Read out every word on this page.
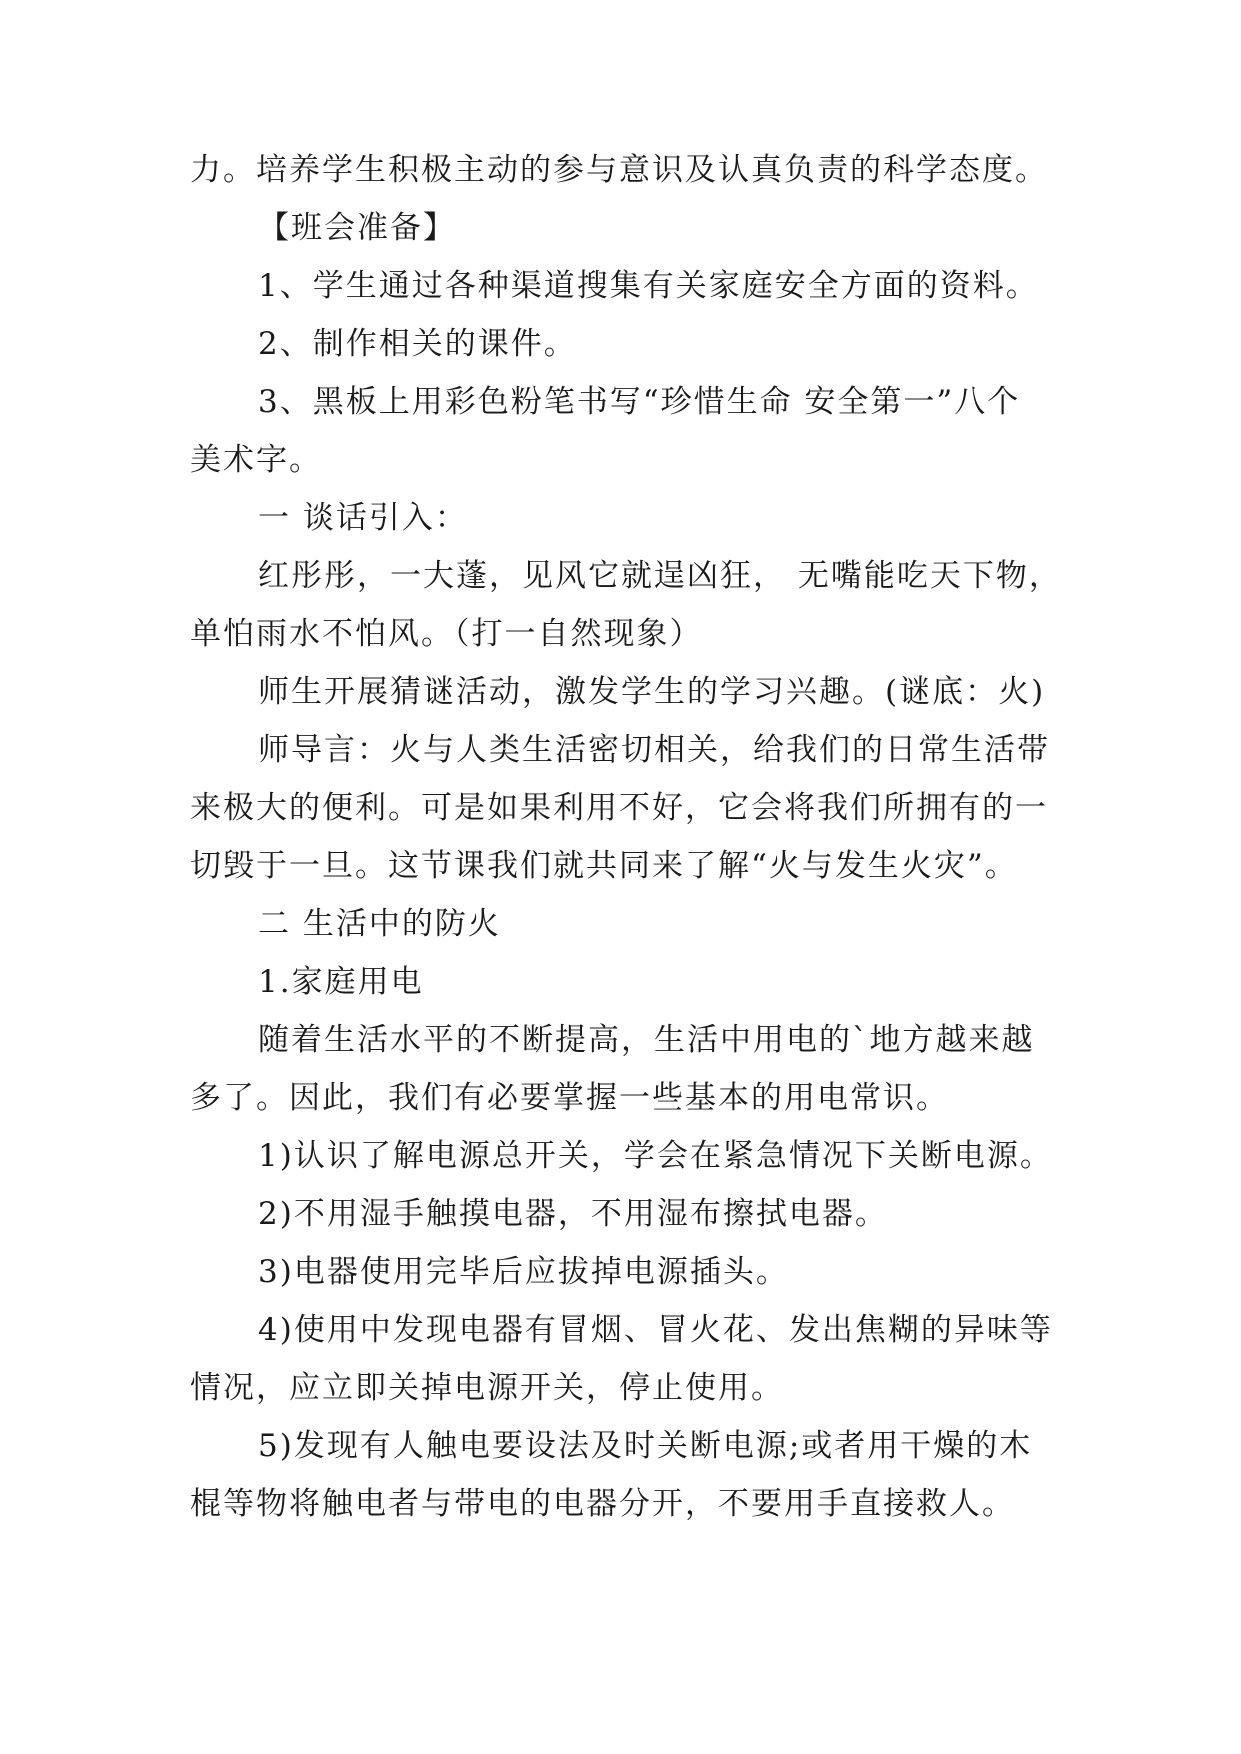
力。培养学生积极主动的参与意识及认真负责的科学态度。
【班会准备】
1、学生通过各种渠道搜集有关家庭安全方面的资料。
2、制作相关的课件。
3、黑板上用彩色粉笔书写“珍惜生命 安全第一”八个
美术字。
一 谈话引入：
红彤彤，一大蓬，见风它就逞凶狂， 无嘴能吃天下物，
单怕雨水不怕风。（打一自然现象）
师生开展猜谜活动，激发学生的学习兴趣。(谜底：火)
师导言：火与人类生活密切相关，给我们的日常生活带
来极大的便利。可是如果利用不好，它会将我们所拥有的一
切毁于一旦。这节课我们就共同来了解“火与发生火灾”。
二 生活中的防火
1.家庭用电
随着生活水平的不断提高，生活中用电的`地方越来越
多了。因此，我们有必要掌握一些基本的用电常识。
1)认识了解电源总开关，学会在紧急情况下关断电源。
2)不用湿手触摸电器，不用湿布擦拭电器。
3)电器使用完毕后应拔掉电源插头。
4)使用中发现电器有冒烟、冒火花、发出焦糊的异味等
情况，应立即关掉电源开关，停止使用。
5)发现有人触电要设法及时关断电源;或者用干燥的木
棍等物将触电者与带电的电器分开，不要用手直接救人。
